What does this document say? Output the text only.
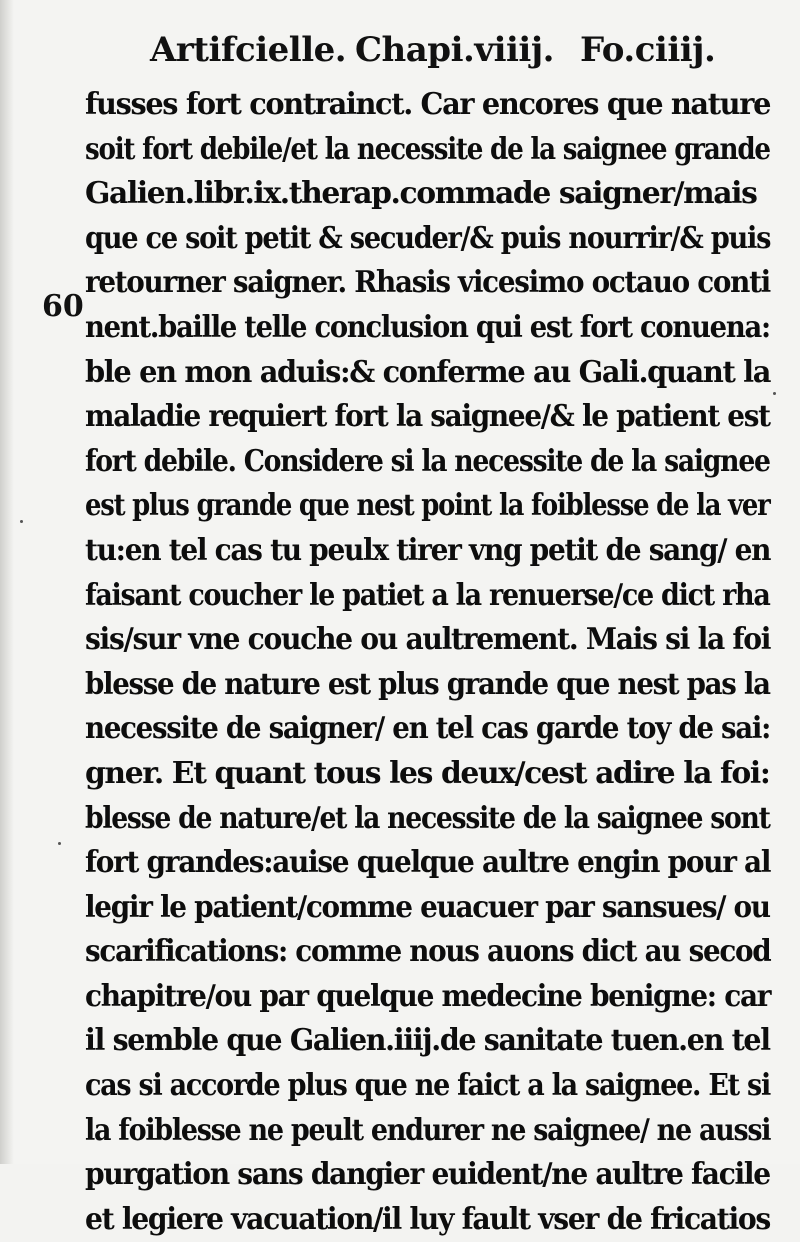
Artifcielle. Chapi.viiij. Fo.ciiij.
60
fusses fort contrainct. Car encores que nature
soit fort debile/et la necessite de la saignee grande
Galien.libr.ix.therap.commade saigner/mais
que ce soit petit & secuder/& puis nourrir/& puis
retourner saigner. Rhasis vicesimo octauo conti
nent.baille telle conclusion qui est fort conuena:
ble en mon aduis:& conferme au Gali.quant la
maladie requiert fort la saignee/& le patient est
fort debile. Considere si la necessite de la saignee
est plus grande que nest point la foiblesse de la ver
tu:en tel cas tu peulx tirer vng petit de sang/ en
faisant coucher le patiet a la renuerse/ce dict rha
sis/sur vne couche ou aultrement. Mais si la foi
blesse de nature est plus grande que nest pas la
necessite de saigner/ en tel cas garde toy de sai:
gner. Et quant tous les deux/cest adire la foi:
blesse de nature/et la necessite de la saignee sont
fort grandes:auise quelque aultre engin pour al
legir le patient/comme euacuer par sansues/ ou
scarifications: comme nous auons dict au secod
chapitre/ou par quelque medecine benigne: car
il semble que Galien.iiij.de sanitate tuen.en tel
cas si accorde plus que ne faict a la saignee. Et si
la foiblesse ne peult endurer ne saignee/ ne aussi
purgation sans dangier euident/ne aultre facile
et legiere vacuation/il luy fault vser de fricatios
